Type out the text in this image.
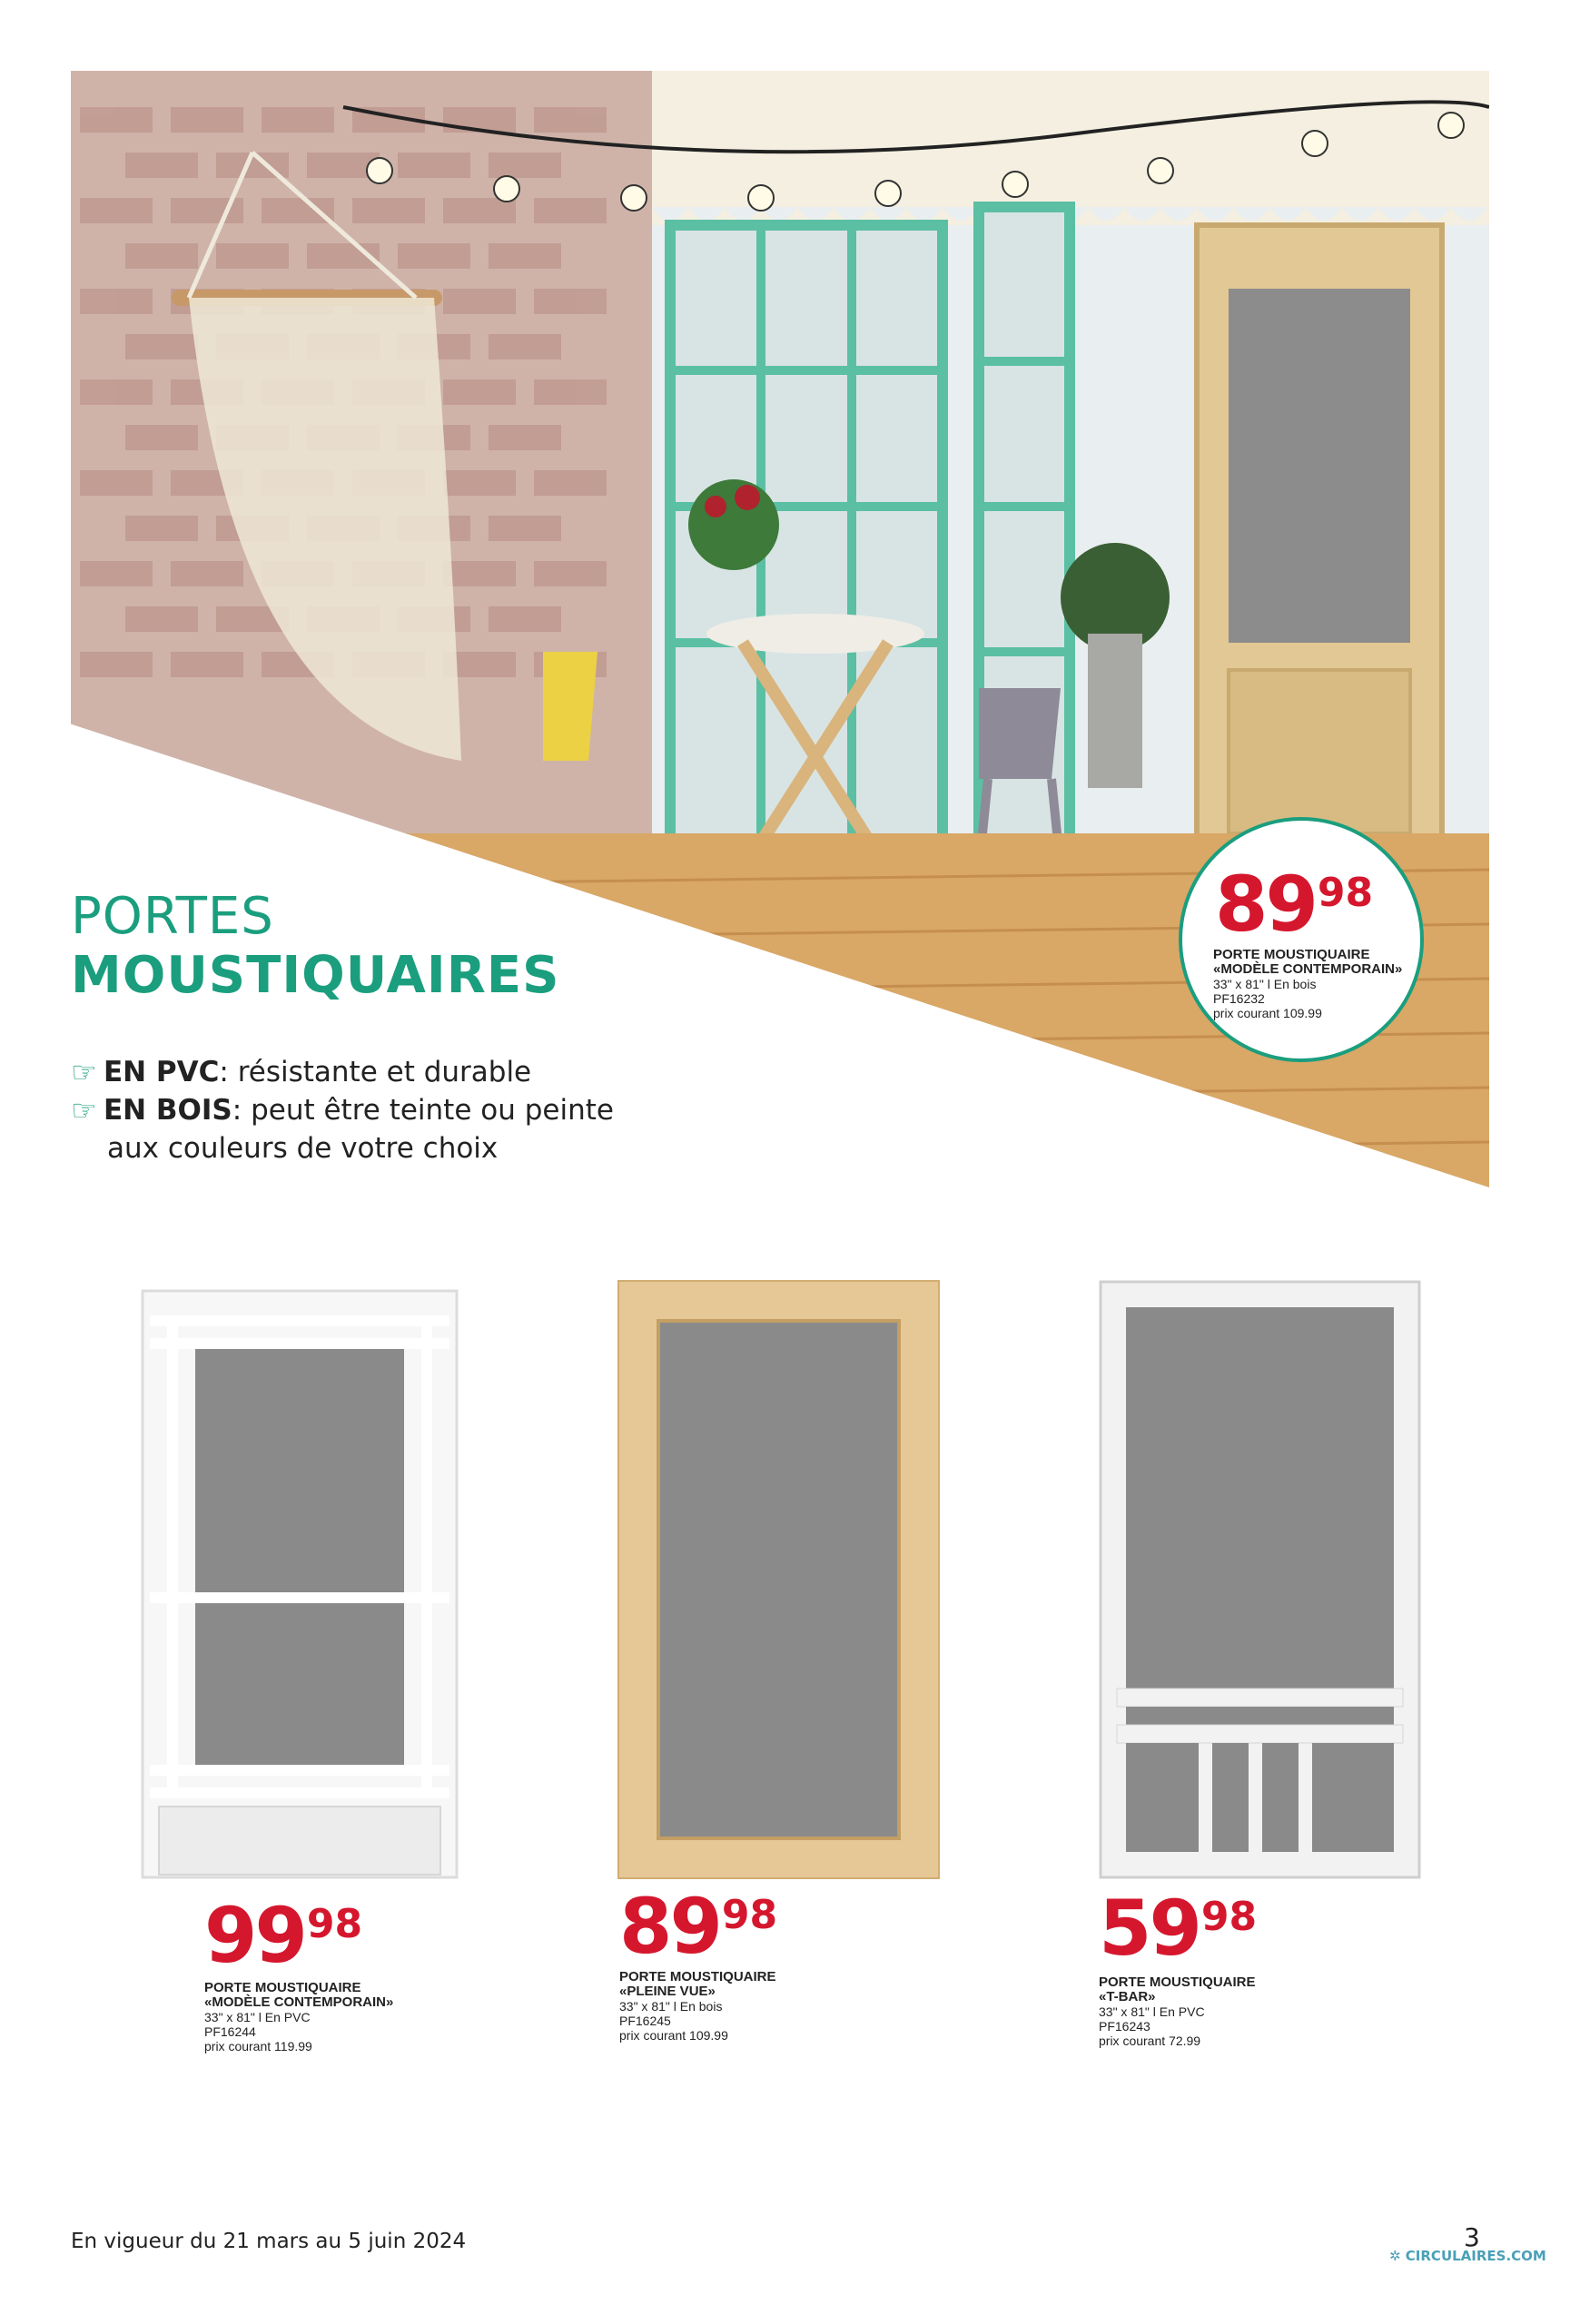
PORTES
MOUSTIQUAIRES
☞ EN PVC : résistante et durable
☞ EN BOIS : peut être teinte ou peinte
aux couleurs de votre choix
8998
PORTE MOUSTIQUAIRE
«MODÈLE CONTEMPORAIN»
33" x 81" l En bois
PF16232
prix courant 109.99
9998
PORTE MOUSTIQUAIRE
«MODÈLE CONTEMPORAIN»
33" x 81" l En PVC
PF16244
prix courant 119.99
8998
PORTE MOUSTIQUAIRE
«PLEINE VUE»
33" x 81" l En bois
PF16245
prix courant 109.99
5998
PORTE MOUSTIQUAIRE
«T-BAR»
33" x 81" l En PVC
PF16243
prix courant 72.99
En vigueur du 21 mars au 5 juin 2024	3
✲ CIRCULAIRES.COM
